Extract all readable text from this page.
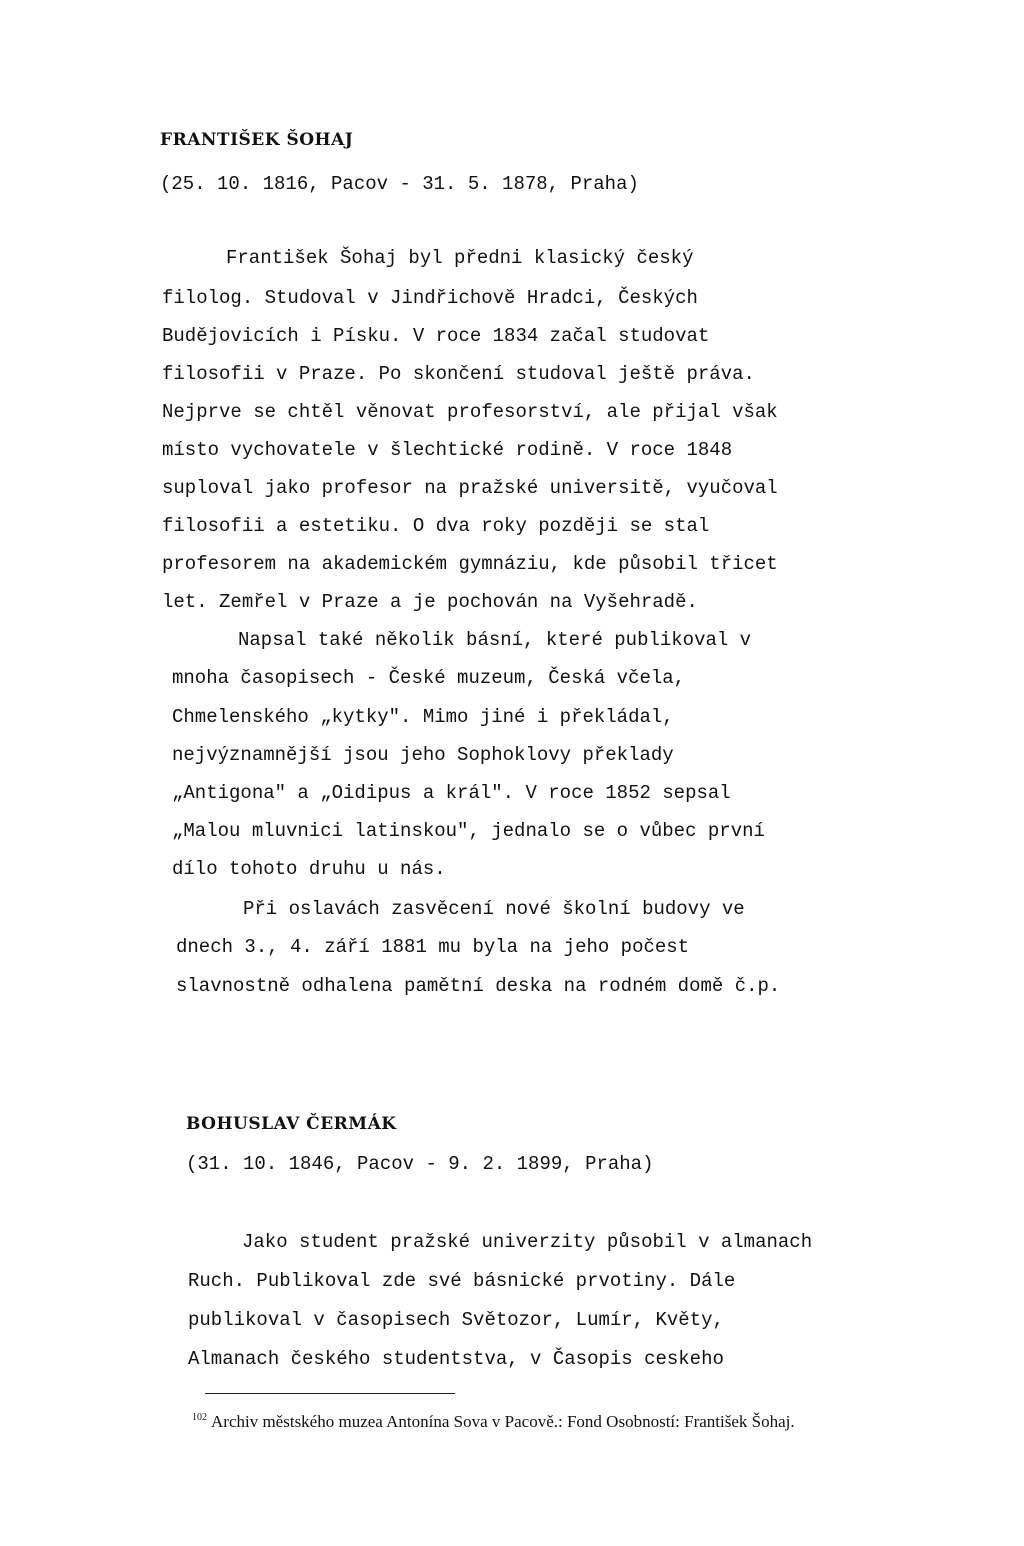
FRANTIŠEK ŠOHAJ
(25. 10. 1816, Pacov - 31. 5. 1878, Praha)
František Šohaj byl předni klasický český
filolog. Studoval v Jindřichově Hradci, Českých
Budějovicích i Písku. V roce 1834 začal studovat
filosofii v Praze. Po skončení studoval ještě práva.
Nejprve se chtěl věnovat profesorství, ale přijal však
místo vychovatele v šlechtické rodině. V roce 1848
suploval jako profesor na pražské universitě, vyučoval
filosofii a estetiku. O dva roky později se stal
profesorem na akademickém gymnáziu, kde působil třicet
let. Zemřel v Praze a je pochován na Vyšehradě.
Napsal také několik básní, které publikoval v
mnoha časopisech - České muzeum, Česká včela,
Chmelenského „kytky". Mimo jiné i překládal,
nejvýznamnější jsou jeho Sophoklovy překlady
„Antigona" a „Oidipus a král". V roce 1852 sepsal
„Malou mluvnici latinskou", jednalo se o vůbec první
dílo tohoto druhu u nás.
Při oslavách zasvěcení nové školní budovy ve
dnech 3., 4. září 1881 mu byla na jeho počest
slavnostně odhalena pamětní deska na rodném domě č.p.
BOHUSLAV ČERMÁK
(31. 10. 1846, Pacov - 9. 2. 1899, Praha)
Jako student pražské univerzity působil v almanach
Ruch. Publikoval zde své básnické prvotiny. Dále
publikoval v časopisech Světozor, Lumír, Květy,
Almanach českého studentstva, v Časopis ceskeho
$^{102}$ Archiv městského muzea Antonína Sova v Pacově.: Fond Osobností: František Šohaj.
